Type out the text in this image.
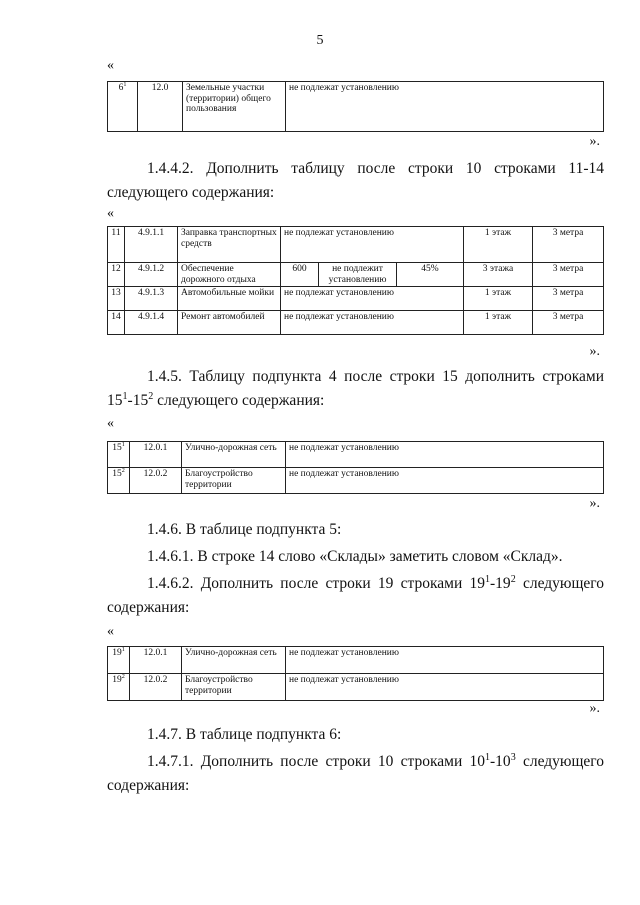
5
«
$6^1$	12.0	Земельные участки (территории) общего пользования	не подлежат установлению
».
1.4.4.2. Дополнить таблицу после строки 10 строками 11-14 следующего содержания:
«
11	4.9.1.1	Заправка транспортных средств	не подлежат установлению			1 этаж	3 метра
12	4.9.1.2	Обеспечение дорожного отдыха	600	не подлежит установлению	45%	3 этажа	3 метра
13	4.9.1.3	Автомобильные мойки	не подлежат установлению			1 этаж	3 метра
14	4.9.1.4	Ремонт автомобилей	не подлежат установлению			1 этаж	3 метра
».
1.4.5. Таблицу подпункта 4 после строки 15 дополнить строками $15^1-15^2$ следующего содержания:
«
$15^1$	12.0.1	Улично-дорожная сеть	не подлежат установлению
$15^2$	12.0.2	Благоустройство территории	не подлежат установлению
».
1.4.6. В таблице подпункта 5:
1.4.6.1. В строке 14 слово «Склады» заметить словом «Склад».
1.4.6.2. Дополнить после строки 19 строками $19^1-19^2$ следующего содержания:
«
$19^1$	12.0.1	Улично-дорожная сеть	не подлежат установлению
$19^2$	12.0.2	Благоустройство территории	не подлежат установлению
».
1.4.7. В таблице подпункта 6:
1.4.7.1. Дополнить после строки 10 строками $10^1-10^3$ следующего содержания:
